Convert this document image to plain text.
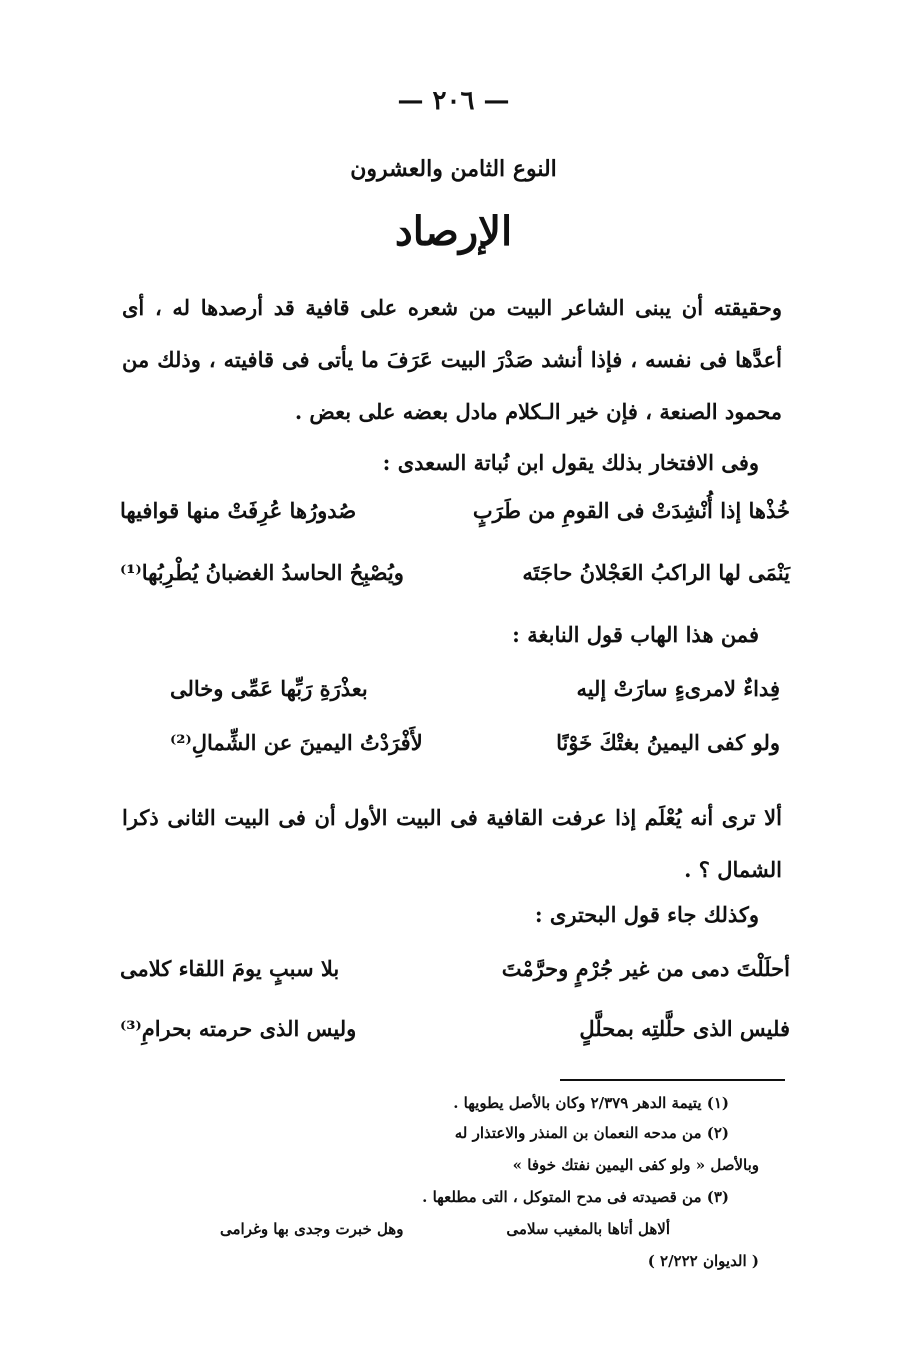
— ٢٠٦ —
النوع الثامن والعشرون
الإرصاد
وحقيقته أن يبنى الشاعر البيت من شعره على قافية قد أرصدها له ، أى أعدَّها فى نفسه ، فإذا أنشد صَدْرَ البيت عَرَفَ ما يأتى فى قافيته ، وذلك من محمود الصنعة ، فإن خير الـكلام مادل بعضه على بعض .
وفى الافتخار بذلك يقول ابن نُباتة السعدى :
خُذْها إذا أُنْشِدَتْ فى القومِ من طَرَبٍ
صُدورُها عُرِفَتْ منها قوافيها
يَنْمَى لها الراكبُ العَجْلانُ حاجَتَه
ويُصْبِحُ الحاسدُ الغضبانُ يُطْرِبُها⁽¹⁾
فمن هذا الهاب قول النابغة :
فِداءٌ لامرىءٍ سارَتْ إليه
بعذْرَةِ رَبِّها عَمِّى وخالى
ولو كفى اليمينُ بغتْكَ خَوْنًا
لأَفْرَدْتُ اليمينَ عن الشِّمالِ⁽²⁾
ألا ترى أنه يُعْلَم إذا عرفت القافية فى البيت الأول أن فى البيت الثانى ذكرا الشمال ؟ .
وكذلك جاء قول البحترى :
أحلَلْتَ دمى من غير جُرْمٍ وحرَّمْتَ
بلا سببٍ يومَ اللقاء كلامى
فليس الذى حلَّلتِه بمحلَّلٍ
وليس الذى حرمته بحرامِ⁽³⁾
(١) يتيمة الدهر ٢/٣٧٩ وكان بالأصل يطويها .
(٢) من مدحه النعمان بن المنذر والاعتذار له
وبالأصل « ولو كفى اليمين نفتك خوفا »
(٣) من قصيدته فى مدح المتوكل ، التى مطلعها .
ألاهل أتاها بالمغيب سلامى
وهل خبرت وجدى بها وغرامى
( الديوان ٢/٢٢٢ )
